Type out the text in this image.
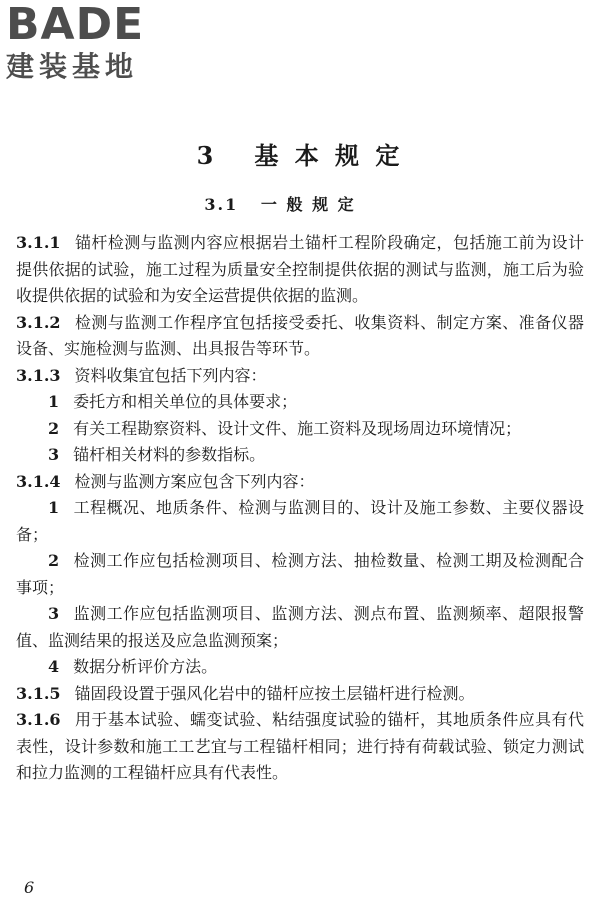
BADE
建装基地
3 基 本 规 定
3.1 一 般 规 定

3.1.1 锚杆检测与监测内容应根据岩土锚杆工程阶段确定，包括施工前为设计提供依据的试验，施工过程为质量安全控制提供依据的测试与监测，施工后为验收提供依据的试验和为安全运营提供依据的监测。

3.1.2 检测与监测工作程序宜包括接受委托、收集资料、制定方案、准备仪器设备、实施检测与监测、出具报告等环节。

3.1.3 资料收集宜包括下列内容：

1 委托方和相关单位的具体要求；

2 有关工程勘察资料、设计文件、施工资料及现场周边环境情况；

3 锚杆相关材料的参数指标。

3.1.4 检测与监测方案应包含下列内容：

1 工程概况、地质条件、检测与监测目的、设计及施工参数、主要仪器设备；

2 检测工作应包括检测项目、检测方法、抽检数量、检测工期及检测配合事项；

3 监测工作应包括监测项目、监测方法、测点布置、监测频率、超限报警值、监测结果的报送及应急监测预案；

4 数据分析评价方法。

3.1.5 锚固段设置于强风化岩中的锚杆应按土层锚杆进行检测。

3.1.6 用于基本试验、蠕变试验、粘结强度试验的锚杆，其地质条件应具有代表性，设计参数和施工工艺宜与工程锚杆相同；进行持有荷载试验、锁定力测试和拉力监测的工程锚杆应具有代表性。

6
